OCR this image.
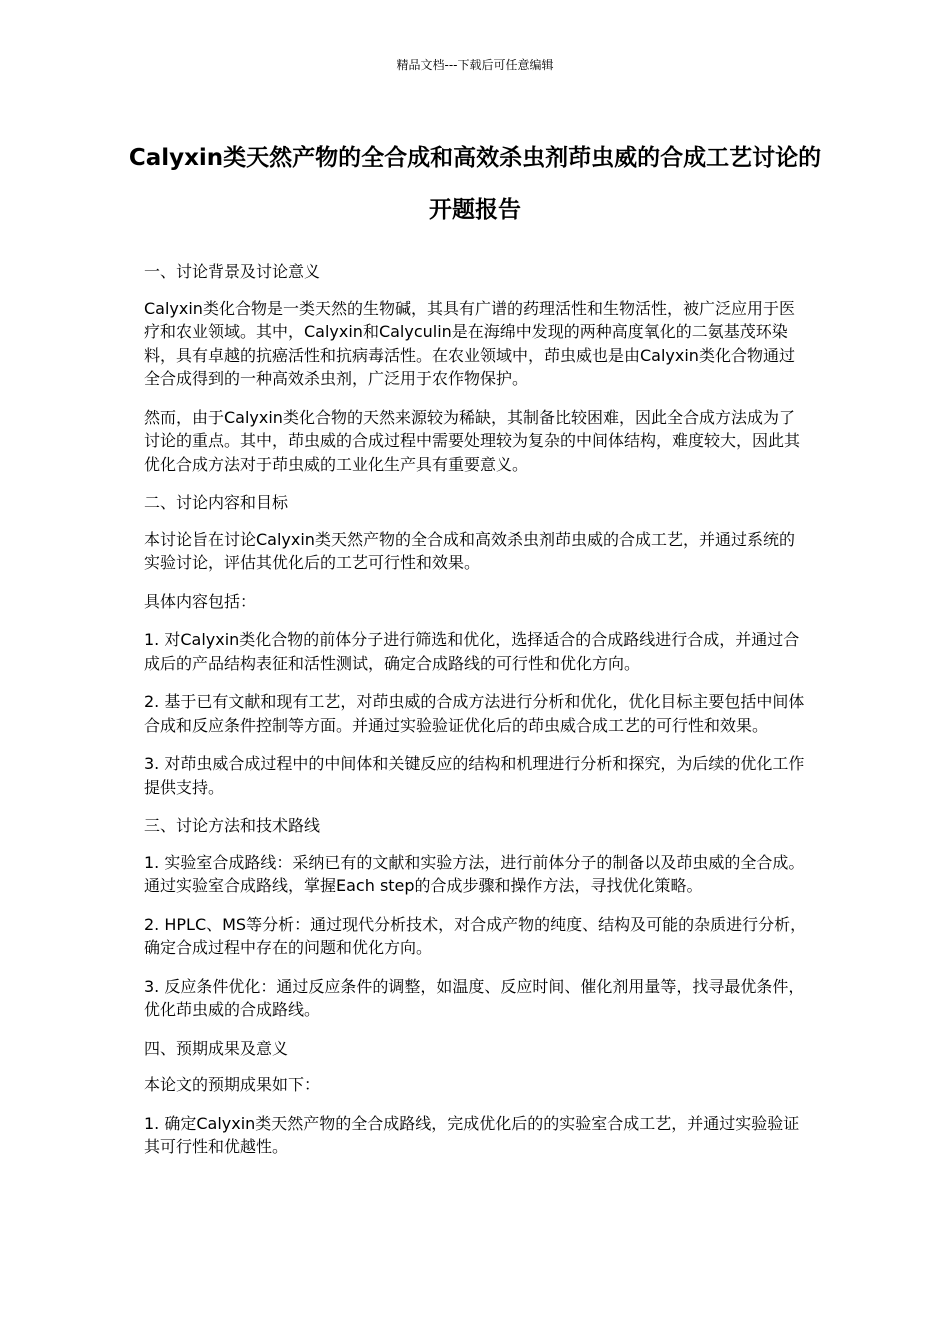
精品文档---下载后可任意编辑
Calyxin类天然产物的全合成和高效杀虫剂茚虫威的合成工艺讨论的开题报告

一、讨论背景及讨论意义

Calyxin类化合物是一类天然的生物碱，其具有广谱的药理活性和生物活性，被广泛应用于医疗和农业领域。其中，Calyxin和Calyculin是在海绵中发现的两种高度氧化的二氨基茂环染料，具有卓越的抗癌活性和抗病毒活性。在农业领域中，茚虫威也是由Calyxin类化合物通过全合成得到的一种高效杀虫剂，广泛用于农作物保护。

然而，由于Calyxin类化合物的天然来源较为稀缺，其制备比较困难，因此全合成方法成为了讨论的重点。其中，茚虫威的合成过程中需要处理较为复杂的中间体结构，难度较大，因此其优化合成方法对于茚虫威的工业化生产具有重要意义。

二、讨论内容和目标

本讨论旨在讨论Calyxin类天然产物的全合成和高效杀虫剂茚虫威的合成工艺，并通过系统的实验讨论，评估其优化后的工艺可行性和效果。

具体内容包括：

1. 对Calyxin类化合物的前体分子进行筛选和优化，选择适合的合成路线进行合成，并通过合成后的产品结构表征和活性测试，确定合成路线的可行性和优化方向。

2. 基于已有文献和现有工艺，对茚虫威的合成方法进行分析和优化，优化目标主要包括中间体合成和反应条件控制等方面。并通过实验验证优化后的茚虫威合成工艺的可行性和效果。

3. 对茚虫威合成过程中的中间体和关键反应的结构和机理进行分析和探究，为后续的优化工作提供支持。

三、讨论方法和技术路线

1. 实验室合成路线：采纳已有的文献和实验方法，进行前体分子的制备以及茚虫威的全合成。通过实验室合成路线，掌握Each step的合成步骤和操作方法，寻找优化策略。

2. HPLC、MS等分析：通过现代分析技术，对合成产物的纯度、结构及可能的杂质进行分析，确定合成过程中存在的问题和优化方向。

3. 反应条件优化：通过反应条件的调整，如温度、反应时间、催化剂用量等，找寻最优条件，优化茚虫威的合成路线。

四、预期成果及意义

本论文的预期成果如下：

1. 确定Calyxin类天然产物的全合成路线，完成优化后的的实验室合成工艺，并通过实验验证其可行性和优越性。
